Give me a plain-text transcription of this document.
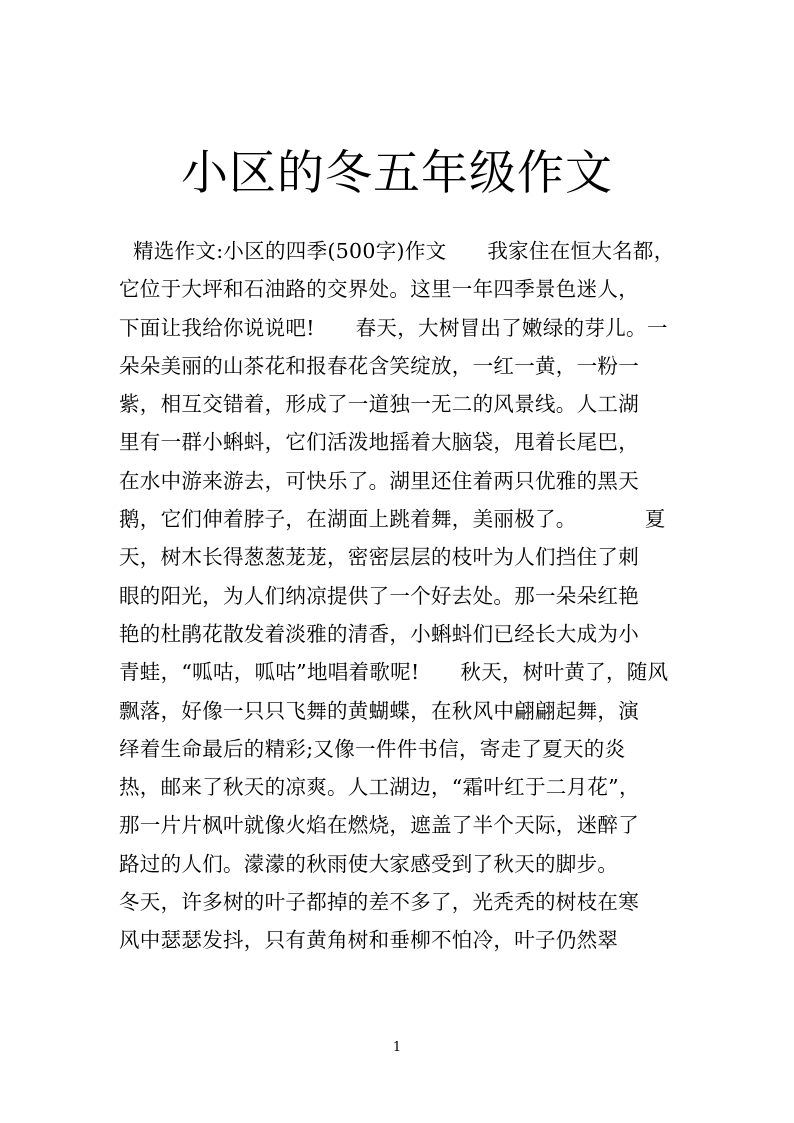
小区的冬五年级作文
精选作文:小区的四季(500字)作文      我家住在恒大名都，
它位于大坪和石油路的交界处。这里一年四季景色迷人，
下面让我给你说说吧!      春天，大树冒出了嫩绿的芽儿。一
朵朵美丽的山茶花和报春花含笑绽放，一红一黄，一粉一
紫，相互交错着，形成了一道独一无二的风景线。人工湖
里有一群小蝌蚪，它们活泼地摇着大脑袋，甩着长尾巴，
在水中游来游去，可快乐了。湖里还住着两只优雅的黑天
鹅，它们伸着脖子，在湖面上跳着舞，美丽极了。          夏
天，树木长得葱葱茏茏，密密层层的枝叶为人们挡住了刺
眼的阳光，为人们纳凉提供了一个好去处。那一朵朵红艳
艳的杜鹃花散发着淡雅的清香，小蝌蚪们已经长大成为小
青蛙，“呱咕，呱咕”地唱着歌呢!      秋天，树叶黄了，随风
飘落，好像一只只飞舞的黄蝴蝶，在秋风中翩翩起舞，演
绎着生命最后的精彩;又像一件件书信，寄走了夏天的炎
热，邮来了秋天的凉爽。人工湖边，“霜叶红于二月花”，
那一片片枫叶就像火焰在燃烧，遮盖了半个天际，迷醉了
路过的人们。濛濛的秋雨使大家感受到了秋天的脚步。
冬天，许多树的叶子都掉的差不多了，光秃秃的树枝在寒
风中瑟瑟发抖，只有黄角树和垂柳不怕冷，叶子仍然翠
1
